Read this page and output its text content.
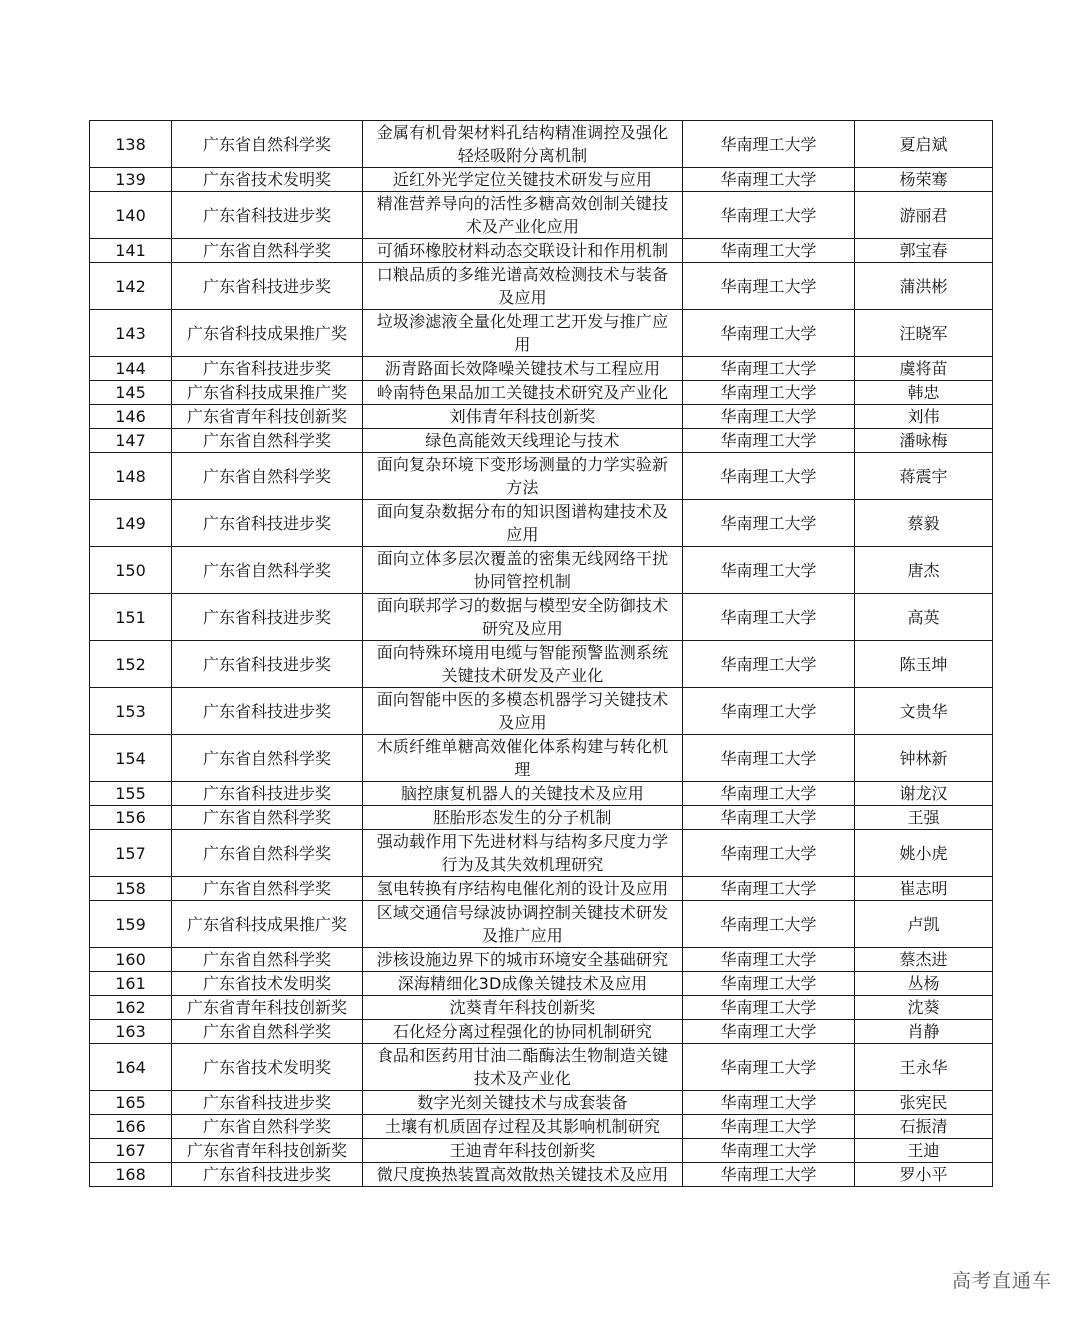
138	广东省自然科学奖	金属有机骨架材料孔结构精准调控及强化轻烃吸附分离机制	华南理工大学	夏启斌
139	广东省技术发明奖	近红外光学定位关键技术研发与应用	华南理工大学	杨荣骞
140	广东省科技进步奖	精准营养导向的活性多糖高效创制关键技术及产业化应用	华南理工大学	游丽君
141	广东省自然科学奖	可循环橡胶材料动态交联设计和作用机制	华南理工大学	郭宝春
142	广东省科技进步奖	口粮品质的多维光谱高效检测技术与装备及应用	华南理工大学	蒲洪彬
143	广东省科技成果推广奖	垃圾渗滤液全量化处理工艺开发与推广应用	华南理工大学	汪晓军
144	广东省科技进步奖	沥青路面长效降噪关键技术与工程应用	华南理工大学	虞将苗
145	广东省科技成果推广奖	岭南特色果品加工关键技术研究及产业化	华南理工大学	韩忠
146	广东省青年科技创新奖	刘伟青年科技创新奖	华南理工大学	刘伟
147	广东省自然科学奖	绿色高能效天线理论与技术	华南理工大学	潘咏梅
148	广东省自然科学奖	面向复杂环境下变形场测量的力学实验新方法	华南理工大学	蒋震宇
149	广东省科技进步奖	面向复杂数据分布的知识图谱构建技术及应用	华南理工大学	蔡毅
150	广东省自然科学奖	面向立体多层次覆盖的密集无线网络干扰协同管控机制	华南理工大学	唐杰
151	广东省科技进步奖	面向联邦学习的数据与模型安全防御技术研究及应用	华南理工大学	高英
152	广东省科技进步奖	面向特殊环境用电缆与智能预警监测系统关键技术研发及产业化	华南理工大学	陈玉坤
153	广东省科技进步奖	面向智能中医的多模态机器学习关键技术及应用	华南理工大学	文贵华
154	广东省自然科学奖	木质纤维单糖高效催化体系构建与转化机理	华南理工大学	钟林新
155	广东省科技进步奖	脑控康复机器人的关键技术及应用	华南理工大学	谢龙汉
156	广东省自然科学奖	胚胎形态发生的分子机制	华南理工大学	王强
157	广东省自然科学奖	强动载作用下先进材料与结构多尺度力学行为及其失效机理研究	华南理工大学	姚小虎
158	广东省自然科学奖	氢电转换有序结构电催化剂的设计及应用	华南理工大学	崔志明
159	广东省科技成果推广奖	区域交通信号绿波协调控制关键技术研发及推广应用	华南理工大学	卢凯
160	广东省自然科学奖	涉核设施边界下的城市环境安全基础研究	华南理工大学	蔡杰进
161	广东省技术发明奖	深海精细化3D成像关键技术及应用	华南理工大学	丛杨
162	广东省青年科技创新奖	沈葵青年科技创新奖	华南理工大学	沈葵
163	广东省自然科学奖	石化烃分离过程强化的协同机制研究	华南理工大学	肖静
164	广东省技术发明奖	食品和医药用甘油二酯酶法生物制造关键技术及产业化	华南理工大学	王永华
165	广东省科技进步奖	数字光刻关键技术与成套装备	华南理工大学	张宪民
166	广东省自然科学奖	土壤有机质固存过程及其影响机制研究	华南理工大学	石振清
167	广东省青年科技创新奖	王迪青年科技创新奖	华南理工大学	王迪
168	广东省科技进步奖	微尺度换热装置高效散热关键技术及应用	华南理工大学	罗小平
高考直通车
